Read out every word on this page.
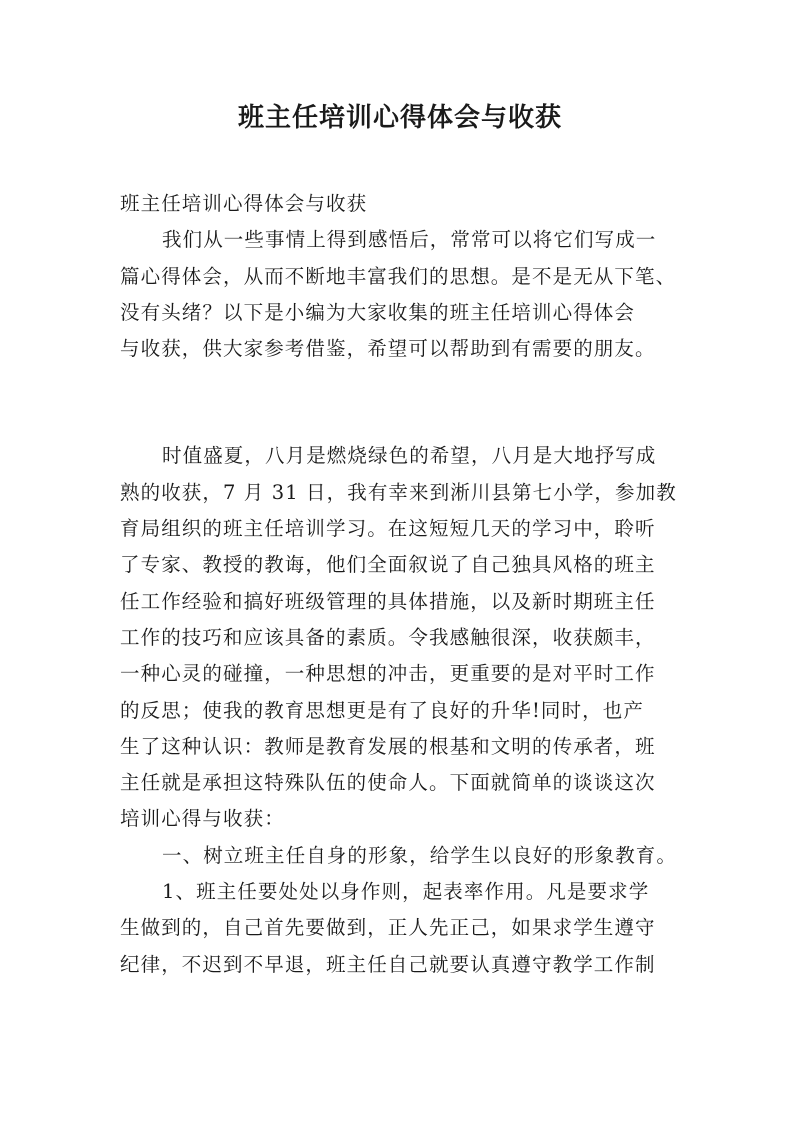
班主任培训心得体会与收获
班主任培训心得体会与收获
我们从一些事情上得到感悟后，常常可以将它们写成一
篇心得体会，从而不断地丰富我们的思想。是不是无从下笔、
没有头绪？以下是小编为大家收集的班主任培训心得体会
与收获，供大家参考借鉴，希望可以帮助到有需要的朋友。
时值盛夏，八月是燃烧绿色的希望，八月是大地抒写成
熟的收获，7 月 31 日，我有幸来到淅川县第七小学，参加教
育局组织的班主任培训学习。在这短短几天的学习中，聆听
了专家、教授的教诲，他们全面叙说了自己独具风格的班主
任工作经验和搞好班级管理的具体措施，以及新时期班主任
工作的技巧和应该具备的素质。令我感触很深，收获颇丰，
一种心灵的碰撞，一种思想的冲击，更重要的是对平时工作
的反思；使我的教育思想更是有了良好的升华!同时，也产
生了这种认识：教师是教育发展的根基和文明的传承者，班
主任就是承担这特殊队伍的使命人。下面就简单的谈谈这次
培训心得与收获：
一、树立班主任自身的形象，给学生以良好的形象教育。
1、班主任要处处以身作则，起表率作用。凡是要求学
生做到的，自己首先要做到，正人先正己，如果求学生遵守
纪律，不迟到不早退，班主任自己就要认真遵守教学工作制
